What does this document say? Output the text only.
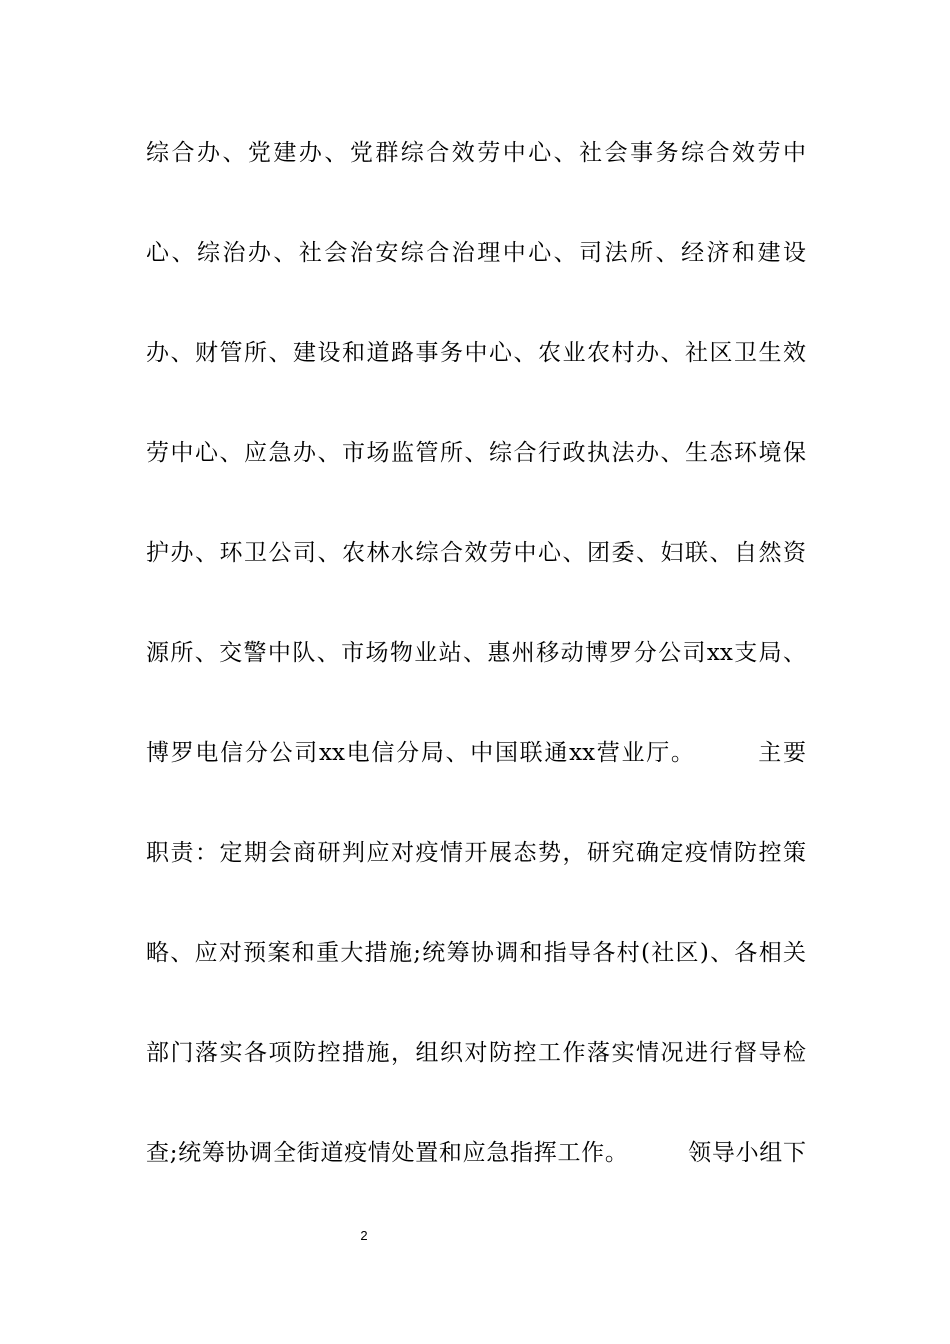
综合办、党建办、党群综合效劳中心、社会事务综合效劳中
心、综治办、社会治安综合治理中心、司法所、经济和建设
办、财管所、建设和道路事务中心、农业农村办、社区卫生效
劳中心、应急办、市场监管所、综合行政执法办、生态环境保
护办、环卫公司、农林水综合效劳中心、团委、妇联、自然资
源所、交警中队、市场物业站、惠州移动博罗分公司xx支局、
博罗电信分公司xx电信分局、中国联通xx营业厅。　　　主要
职责：定期会商研判应对疫情开展态势，研究确定疫情防控策
略、应对预案和重大措施;统筹协调和指导各村(社区)、各相关
部门落实各项防控措施，组织对防控工作落实情况进行督导检
查;统筹协调全街道疫情处置和应急指挥工作。　　　领导小组下
2
